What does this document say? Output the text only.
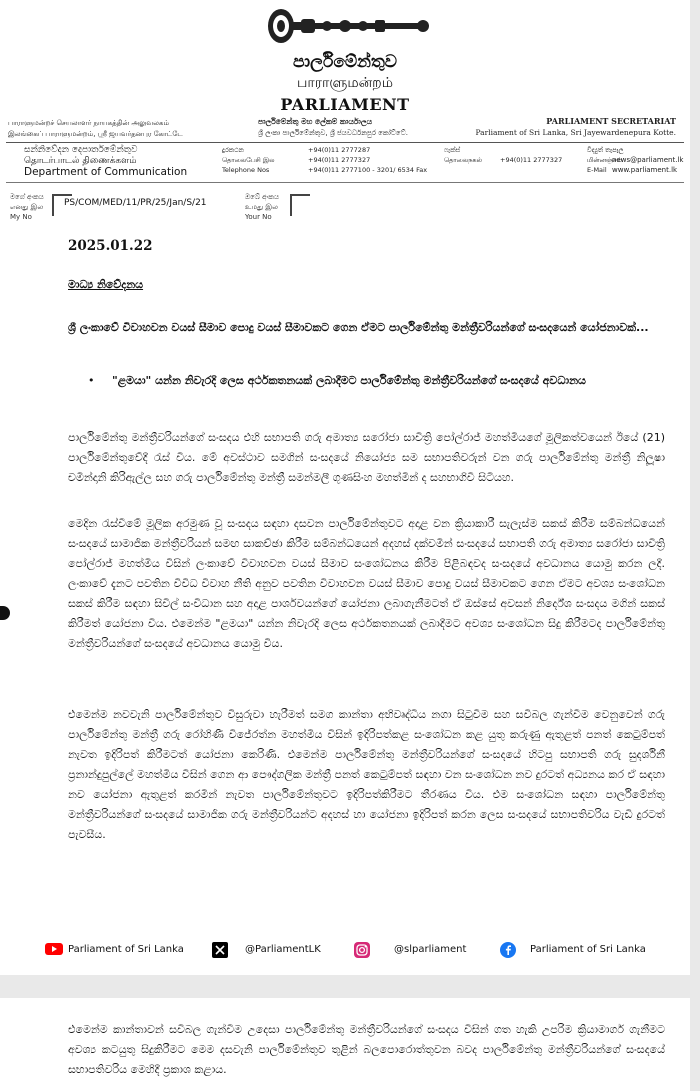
පාර්ලිමේන්තුව
பாராளுமன்றம்
PARLIAMENT
பாராளுமன்றச் செயலாளர் நாயகத்தின் அலுவலகம்
இலங்கைப் பாராளுமன்றம், ஸ்ரீ ஜயவர்தனபுர கோட்டே
පාර්ලිමේන්තු මහ ලේකම් කාර්යාලය
ශ්‍රී ලංකා පාර්ලිමේන්තුව, ශ්‍රී ජයවර්ධනපුර කෝට්ටේ.
PARLIAMENT SECRETARIAT
Parliament of Sri Lanka, Sri Jayewardenepura Kotte.
සන්නිවේදන දෙපාර්තමේන්තුව
தொடர்பாடல் திணைக்களம்
Department of Communication
දුරකථන
தொலைபேசி இல
Telephone Nos
+94(0)11 2777287
+94(0)11 2777327
+94(0)11 2777100 - 3201/ 6534 Fax
ෆැක්ස්
தொலைநகல்	+94(0)11 2777327
විද්‍යුත් තැපෑල
மின்னஞ்சல்
E-Mail
news@parliament.lk
www.parliament.lk
මගේ අංකය
எனது இல
My No
PS/COM/MED/11/PR/25/Jan/S/21
ඔබේ අංකය
உமது இல
Your No
2025.01.22
මාධ්‍ය නිවේදනය
ශ්‍රී ලංකාවේ විවාහවන වයස් සීමාව පොදු වයස් සීමාවකට ගෙන ඒමට පාර්ලිමේන්තු මන්ත්‍රීවරියන්ගේ සංසදයෙන් යෝජනාවක්...
• "ළමයා" යන්න නිවැරදි ලෙස අර්ථකතනයක් ලබාදීමට පාර්ලිමේන්තු මන්ත්‍රීවරියන්ගේ සංසදයේ අවධානය
පාර්ලිමේන්තු මන්ත්‍රීවරියන්ගේ සංසදය එහි සභාපති ගරු අමාත්‍ය සරෝජා සාවිත්‍රි පෝල්රාජ් මහත්මියගේ මූලිකත්වයෙන් ඊයේ (21) පාර්ලිමේන්තුවේදී රැස් විය. මේ අවස්ථාව සමගින් සංසදයේ නියෝජ්‍ය සම සභාපතිවරුන් වන ගරු පාර්ලිමේන්තු මන්ත්‍රී නිලූෂා චමින්දානි කිරිඇල්ල සහ ගරු පාර්ලිමේන්තු මන්ත්‍රී සමන්මලී ගුණසිංහ මහත්මීන් ද සහභාගිවී සිටියහ.
මෙදින රැස්වීමේ මූලික අරමුණ වූ සංසදය සඳහා දසවන පාර්ලිමේන්තුවට අදාළ වන ක්‍රියාකාරී සැලැස්ම සකස් කිරීම සම්බන්ධයෙන් සංසදයේ සාමාජික මන්ත්‍රීවරියන් සමඟ සාකච්ඡා කිරීම සම්බන්ධයෙන් අදහස් දක්වමින් සංසදයේ සභාපති ගරු අමාත්‍ය සරෝජා සාවිත්‍රි පෝල්රාජ් මහත්මිය විසින් ලංකාවේ විවාහවන වයස් සීමාව සංශෝධනය කිරීම පිළිබඳවද සංසදයේ අවධානය යොමු කරන ලදී. ලංකාවේ දැනට පවතින විවිධ විවාහ නීති අනුව පවතින විවාහවන වයස් සීමාව පොදු වයස් සීමාවකට ගෙන ඒමට අවශ්‍ය සංශෝධන සකස් කිරීම සඳහා සිවිල් සංවිධාන සහ අදාළ පාර්ශවයන්ගේ යෝජනා ලබාගැනීමටත් ඒ ඔස්සේ අවසන් නිර්දේශ සංසදය මගින් සකස් කිරීමත් යෝජනා විය. එමෙන්ම "ළමයා" යන්න නිවැරදි ලෙස අර්ථකතනයක් ලබාදීමට අවශ්‍ය සංශෝධන සිදු කිරීමටද පාර්ලිමේන්තු මන්ත්‍රීවරියන්ගේ සංසදයේ අවධානය යොමු විය.
එමෙන්ම නවවැනි පාර්ලිමේන්තුව විසුරුවා හැරීමත් සමග කාන්තා අභිවෘද්ධිය නගා සිටුවීම සහ සවිබල ගැන්වීම වෙනුවෙන් ගරු පාර්ලිමේන්තු මන්ත්‍රී ගරු රෝහිණී විජේරත්න මහත්මිය විසින් ඉදිරිපත්කළ සංශෝධන කළ යුතු කරුණු ඇතුළත් පනත් කෙටුම්පත් නැවත ඉදිරිපත් කිරීමටත් යෝජනා කෙරිණි. එමෙන්ම පාර්ලිමේන්තු මන්ත්‍රීවරියන්ගේ සංසදයේ හිටපු සභාපති ගරු සුදර්ශිනී ප්‍රනාන්දුපුල්ලේ මහත්මිය විසින් ගෙන ආ පෞද්ගලික මන්ත්‍රී පනත් කෙටුම්පත් සඳහා වන සංශෝධන නව දුරටත් අධ්‍යනය කර ඒ සඳහා නව යෝජනා ඇතුළත් කරමින් නැවත පාර්ලිමේන්තුවට ඉදිරිපත්කිරීමට තීරණය විය. එම සංශෝධන සඳහා පාර්ලිමේන්තු මන්ත්‍රීවරියන්ගේ සංසදයේ සාමාජික ගරු මන්ත්‍රීවරියන්ට අදහස් හා යෝජනා ඉදිරිපත් කරන ලෙස සංසදයේ සභාපතිවරිය වැඩි දුරටත් පැවසීය.
Parliament of Sri Lanka	@ParliamentLK	@slparliament	Parliament of Sri Lanka
එමෙන්ම කාන්තාවන් සවිබල ගැන්වීම උදෙසා පාර්ලිමේන්තු මන්ත්‍රීවරියන්ගේ සංසදය විසින් ගත හැකි උපරිම ක්‍රියාමාර්ග ගැනීමට අවශ්‍ය කටයුතු සිදුකිරීමට මෙම දසවැනි පාර්ලිමේන්තුව තුළින් බලපොරොත්තුවන බවද පාර්ලිමේන්තු මන්ත්‍රීවරියන්ගේ සංසදයේ සභාපතිවරිය මෙහිදී ප්‍රකාශ කළාය.
